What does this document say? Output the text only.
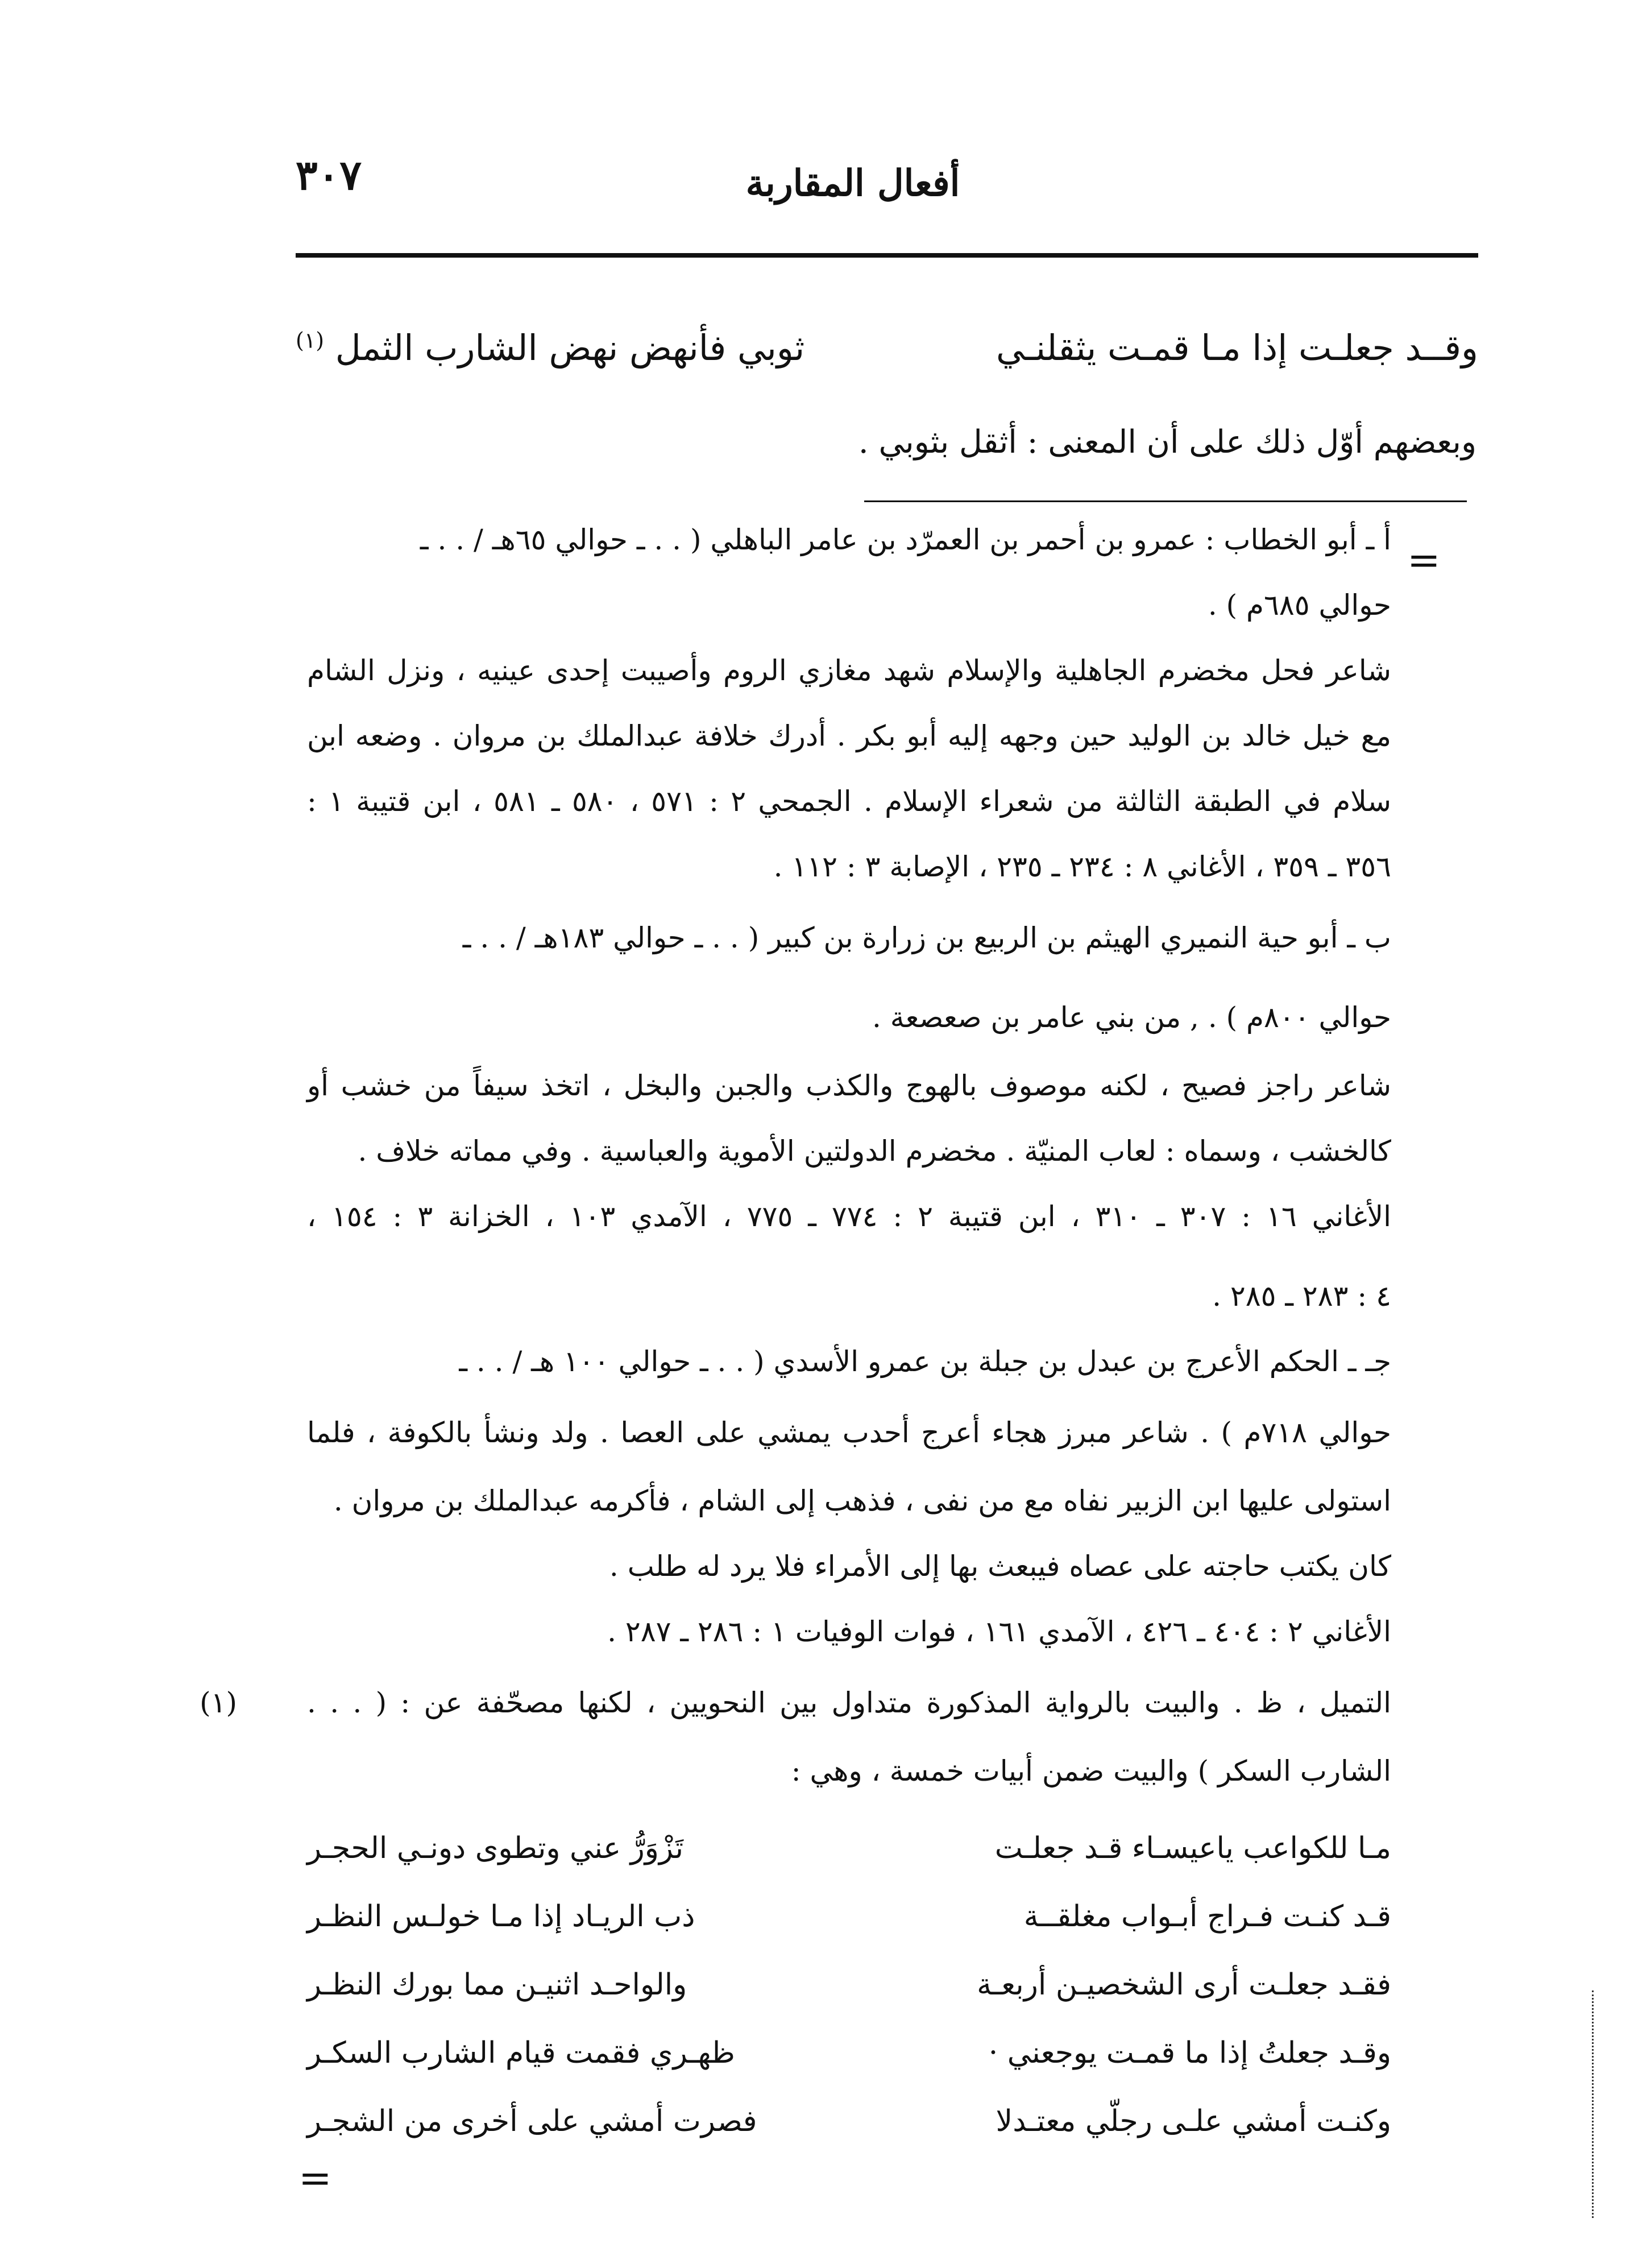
أفعال المقاربة
٣٠٧
وقــد جعلـت إذا مـا قمـت يثقلنـي
ثوبي فأنهض نهض الشارب الثمل $^{(١)}$
وبعضهم أوّل ذلك على أن المعنى : أثقل بثوبي .
=
أ ـ أبو الخطاب : عمرو بن أحمر بن العمرّد بن عامر الباهلي ( . . ـ حوالي ٦٥هـ / . . ـ
حوالي ٦٨٥م ) .
شاعر فحل مخضرم الجاهلية والإسلام شهد مغازي الروم وأصيبت إحدى عينيه ، ونزل الشام
مع خيل خالد بن الوليد حين وجهه إليه أبو بكر . أدرك خلافة عبدالملك بن مروان . وضعه ابن
سلام في الطبقة الثالثة من شعراء الإسلام . الجمحي ٢ : ٥٧١ ، ٥٨٠ ـ ٥٨١ ، ابن قتيبة ١ :
٣٥٦ ـ ٣٥٩ ، الأغاني ٨ : ٢٣٤ ـ ٢٣٥ ، الإصابة ٣ : ١١٢ .
ب ـ أبو حية النميري الهيثم بن الربيع بن زرارة بن كبير ( . . ـ حوالي ١٨٣هـ / . . ـ
حوالي ٨٠٠م ) . , من بني عامر بن صعصعة .
شاعر راجز فصيح ، لكنه موصوف بالهوج والكذب والجبن والبخل ، اتخذ سيفاً من خشب أو
كالخشب ، وسماه : لعاب المنيّة . مخضرم الدولتين الأموية والعباسية . وفي مماته خلاف .
الأغاني ١٦ : ٣٠٧ ـ ٣١٠ ، ابن قتيبة ٢ : ٧٧٤ ـ ٧٧٥ ، الآمدي ١٠٣ ، الخزانة ٣ : ١٥٤ ،
٤ : ٢٨٣ ـ ٢٨٥ .
جـ ـ الحكم الأعرج بن عبدل بن جبلة بن عمرو الأسدي ( . . ـ حوالي ١٠٠ هـ / . . ـ
حوالي ٧١٨م ) . شاعر مبرز هجاء أعرج أحدب يمشي على العصا . ولد ونشأ بالكوفة ، فلما
استولى عليها ابن الزبير نفاه مع من نفى ، فذهب إلى الشام ، فأكرمه عبدالملك بن مروان .
كان يكتب حاجته على عصاه فيبعث بها إلى الأمراء فلا يرد له طلب .
الأغاني ٢ : ٤٠٤ ـ ٤٢٦ ، الآمدي ١٦١ ، فوات الوفيات ١ : ٢٨٦ ـ ٢٨٧ .
(١) التميل ، ظ . والبيت بالرواية المذكورة متداول بين النحويين ، لكنها مصحّفة عن : ( . . .
الشارب السكر ) والبيت ضمن أبيات خمسة ، وهي :
مـا للكواعب ياعيسـاء قـد جعلـت
تَزْوَرُّ عني وتطوى دونـي الحجـر
قـد كنـت فـراج أبـواب مغلقــة
ذب الريـاد إذا مـا خولـس النظـر
فقـد جعلـت أرى الشخصيـن أربعـة
والواحـد اثنيـن مما بورك النظـر
وقـد جعلتُ إذا ما قمـت يوجعني ·
ظهـري فقمت قيام الشارب السكـر
وكنـت أمشي علـى رجلّي معتـدلا
فصرت أمشي على أخرى من الشجـر
=
